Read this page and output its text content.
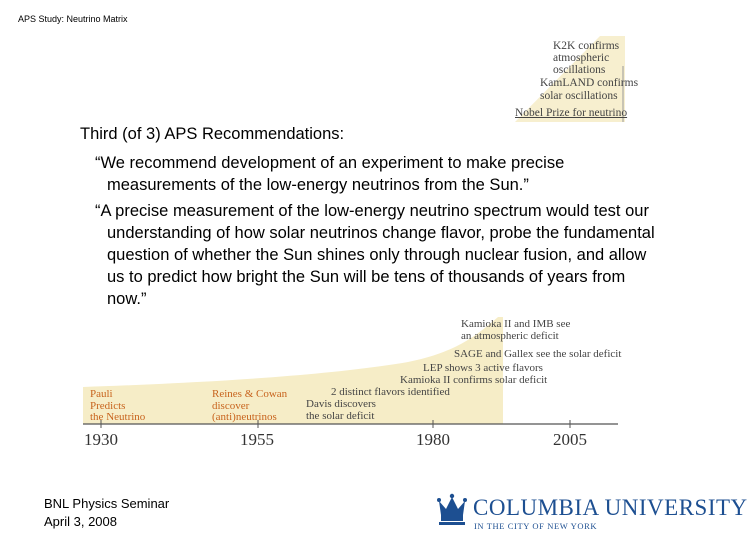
APS Study: Neutrino Matrix
K2K confirms
atmospheric
oscillations
KamLAND confirms
solar oscillations
Nobel Prize for neutrino
Third (of 3) APS Recommendations:
“We recommend development of an experiment to make precise measurements of the low-energy neutrinos from the Sun.”
“A precise measurement of the low-energy neutrino spectrum would test our understanding of how solar neutrinos change flavor, probe the fundamental question of whether the Sun shines only through nuclear fusion, and allow us to predict how bright the Sun will be tens of thousands of years from now.”
Kamioka II and IMB see
an atmospheric deficit
SAGE and Gallex see the solar deficit
LEP shows 3 active flavors
Kamioka II confirms solar deficit
2 distinct flavors identified
Davis discovers
the solar deficit
Reines & Cowan
discover
(anti)neutrinos
Pauli
Predicts
the Neutrino
1930	1955	1980	2005
BNL Physics Seminar
April 3, 2008
COLUMBIA UNIVERSITY
IN THE CITY OF NEW YORK
